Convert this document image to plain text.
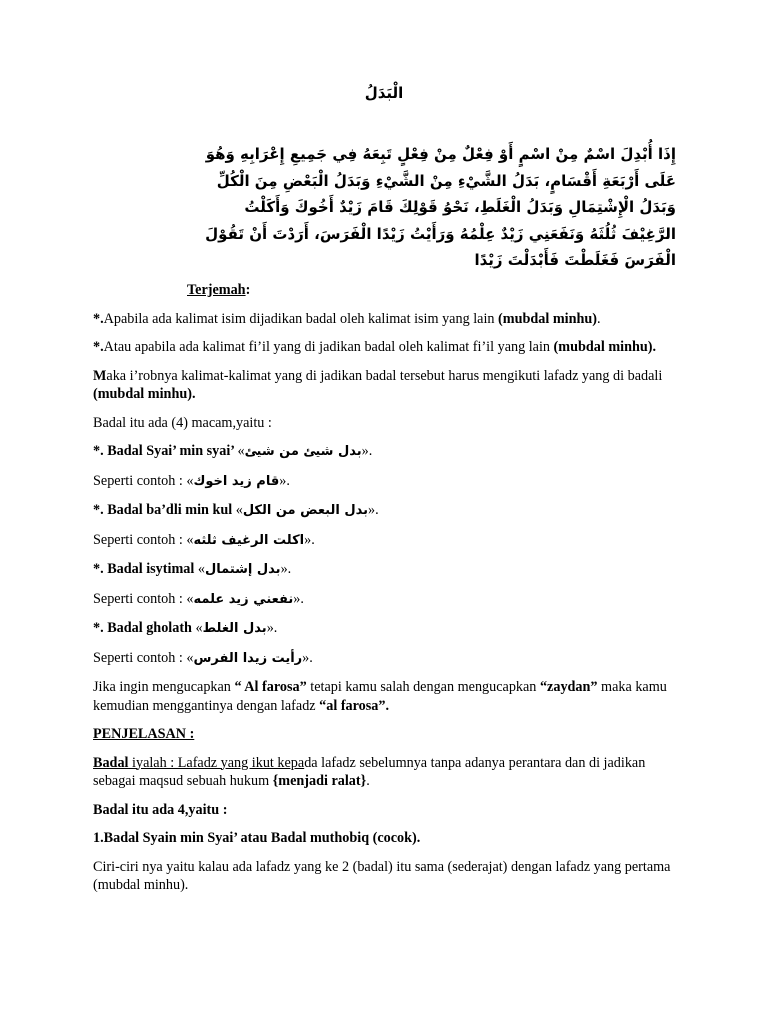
الْبَدَلُ
إِذَا أُبْدِلَ اسْمٌ مِنْ اسْمٍ أَوْ فِعْلٌ مِنْ فِعْلٍ تَبِعَهُ فِي جَمِيعِ إِعْرَابِهِ وَهُوَ
عَلَى أَرْبَعَةِ أَقْسَامٍ، بَدَلُ الشَّيْءِ مِنْ الشَّيْءِ وَبَدَلُ الْبَعْضِ مِنَ الْكُلِّ
وَبَدَلُ الْإِشْتِمَالِ وَبَدَلُ الْغَلَطِ، نَحْوُ قَوْلِكَ قَامَ زَيْدٌ أَخُوكَ وَأَكَلْتُ
الرَّغِيْفَ ثُلُثَهُ وَنَفَعَنِي زَيْدٌ عِلْمُهُ وَرَأَيْتُ زَيْدًا الْفَرَسَ، أَرَدْتَ أَنْ تَقُوْلَ
الْفَرَسَ فَغَلَطْتَ فَأَبْدَلْتَ زَيْدًا
Terjemah:

*.Apabila ada kalimat isim dijadikan badal oleh kalimat isim yang lain (mubdal minhu).

*.Atau apabila ada kalimat fi’il yang di jadikan badal oleh kalimat fi’il yang lain (mubdal minhu).

Maka i’robnya kalimat-kalimat yang di jadikan badal tersebut harus mengikuti lafadz yang di badali (mubdal minhu).

Badal itu ada (4) macam,yaitu :

*. Badal Syai’ min syai’ «بدل شيئ من شيئ».

Seperti contoh : «قام زيد اخوك».

*. Badal ba’dli min kul «بدل البعض من الكل».

Seperti contoh : «اكلت الرغيف ثلثه».

*. Badal isytimal «بدل إشتمال».

Seperti contoh : «نفعني زيد علمه».

*. Badal gholath «بدل الغلط».

Seperti contoh : «رأيت زيدا الفرس».

Jika ingin mengucapkan “ Al farosa” tetapi kamu salah dengan mengucapkan “zaydan” maka kamu kemudian menggantinya dengan lafadz “al farosa”.

PENJELASAN :

Badal iyalah : Lafadz yang ikut kepada lafadz sebelumnya tanpa adanya perantara dan di jadikan sebagai maqsud sebuah hukum {menjadi ralat}.

Badal itu ada 4,yaitu :

1.Badal Syain min Syai’ atau Badal muthobiq (cocok).

Ciri-ciri nya yaitu kalau ada lafadz yang ke 2 (badal) itu sama (sederajat) dengan lafadz yang pertama (mubdal minhu).
